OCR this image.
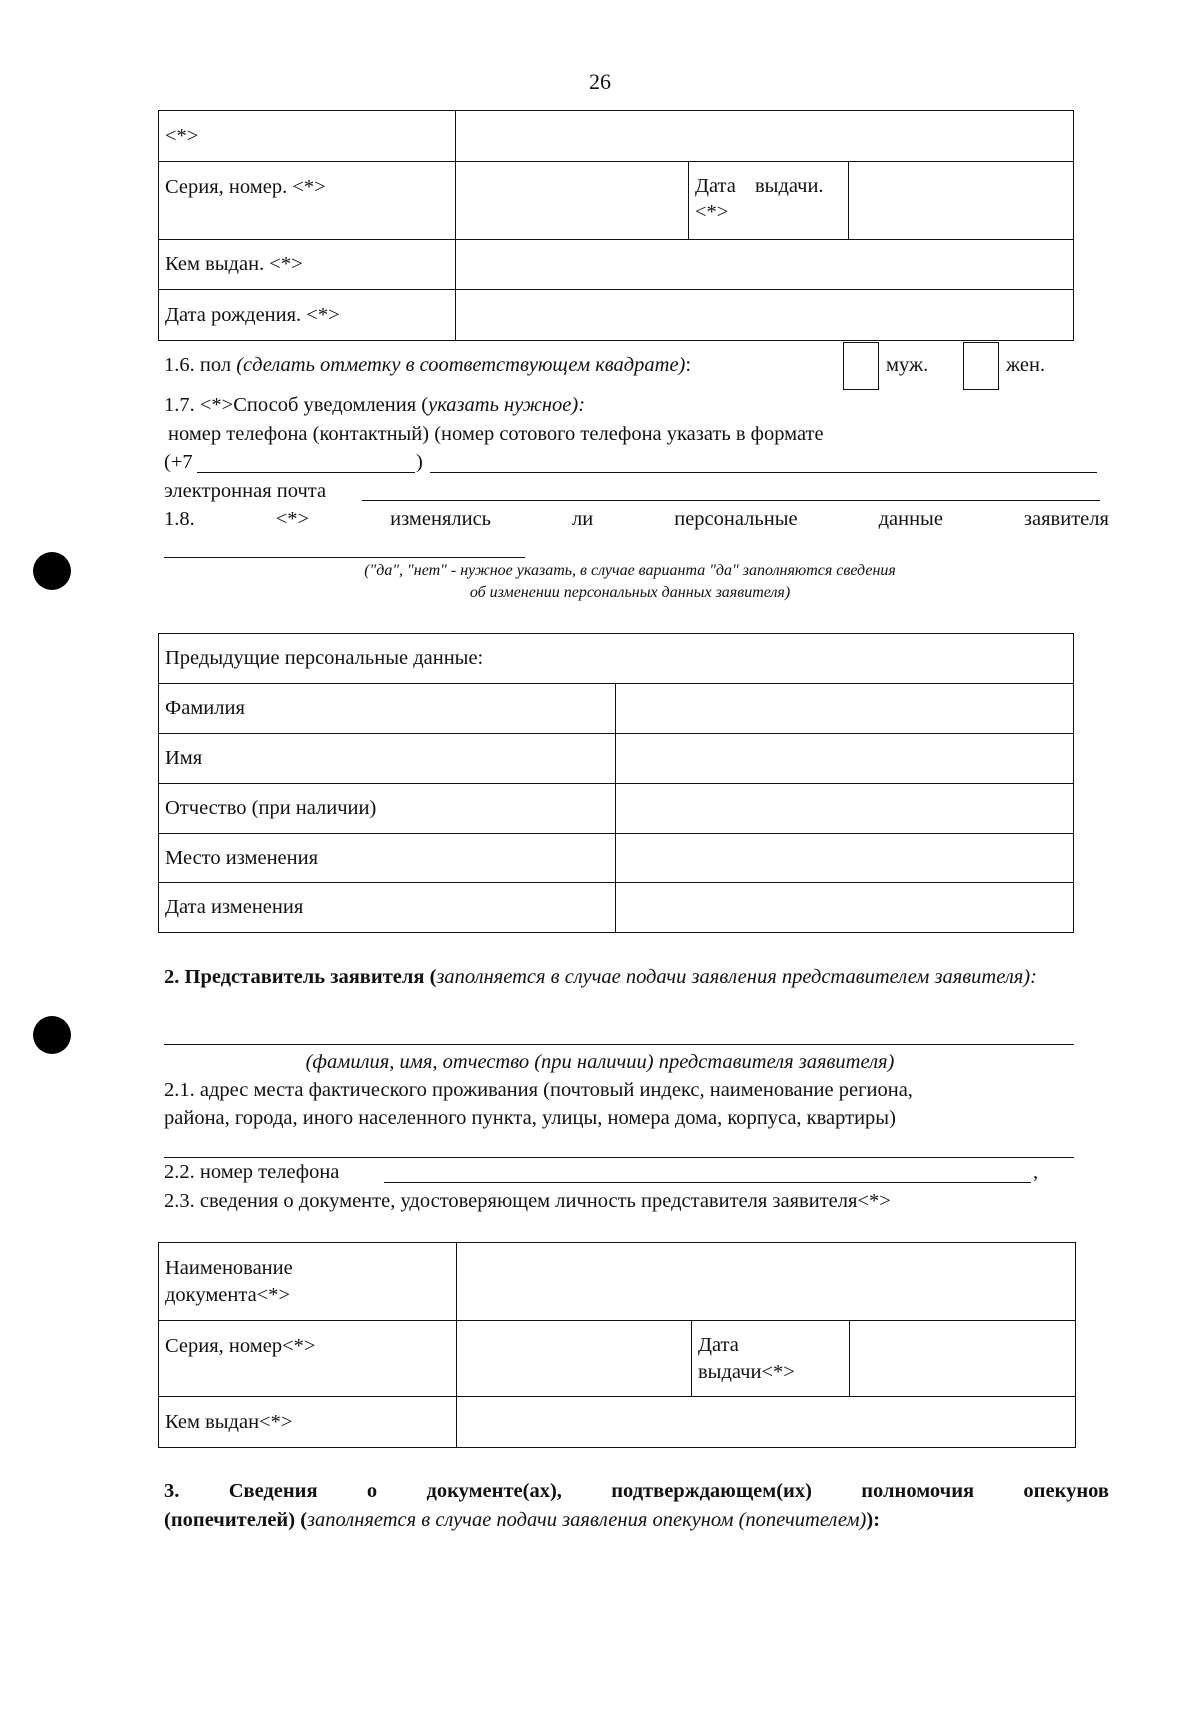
26
<*>			
Серия, номер. <*>		Дата выдачи.
<*>	

Кем выдан. <*>			
Дата рождения. <*>			
1.6. пол (сделать отметку в соответствующем квадрате):	муж.	жен.
1.7. <*>Способ уведомления (указать нужное):
номер телефона (контактный) (номер сотового телефона указать в формате
(+7	)
электронная почта
1.8.	<*>	изменялись	ли	персональные	данные	заявителя
("да", "нет" - нужное указать, в случае варианта "да" заполняются сведения
об изменении персональных данных заявителя)
Предыдущие персональные данные:	
Фамилия	
Имя	
Отчество (при наличии)	
Место изменения	
Дата изменения	
2. Представитель заявителя (заполняется в случае подачи заявления представителем заявителя):
(фамилия, имя, отчество (при наличии) представителя заявителя)
2.1. адрес места фактического проживания (почтовый индекс, наименование региона,
района, города, иного населенного пункта, улицы, номера дома, корпуса, квартиры)
2.2. номер телефона	,
2.3. сведения о документе, удостоверяющем личность представителя заявителя<*>
Наименование
документа<*>			

Серия, номер<*>		Дата
выдачи<*>	

Кем выдан<*>			
3. Сведения о документе(ах), подтверждающем(их) полномочия опекунов
(попечителей) (заполняется в случае подачи заявления опекуном (попечителем)):
